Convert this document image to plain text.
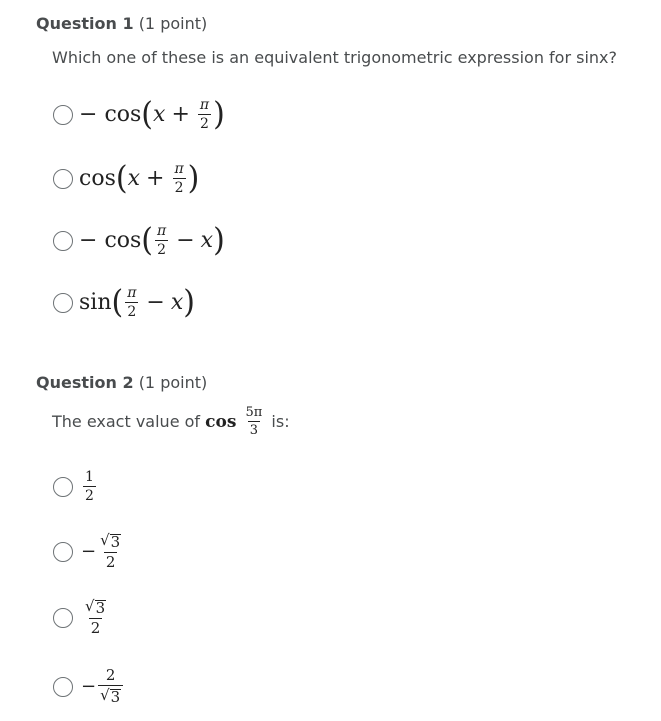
Question 1 (1 point)
Which one of these is an equivalent trigonometric expression for sinx?
−
cos ( $x + \frac{\pi}{2}$ )
cos ( $x + \frac{\pi}{2}$ )
−
cos ( $\frac{\pi}{2} - x$ )
sin ( $\frac{\pi}{2} - x$ )
Question 2 (1 point)
The exact value of
cos
$\frac{5\pi}{3}$
is:
$\frac{1}{2}$
− $\frac{√ 3}{2}$
$\frac{√ 3}{2}$
− $\frac{2}{√ 3}$
